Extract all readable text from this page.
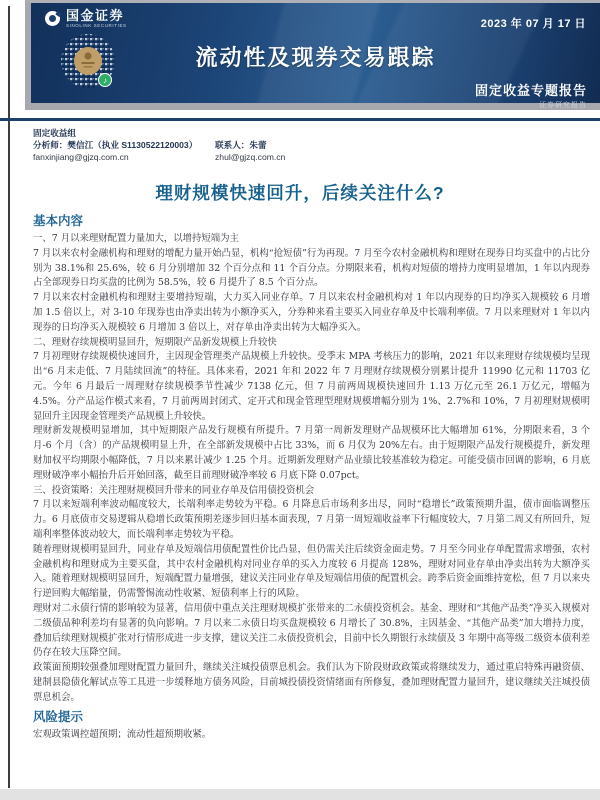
国金证券
SINOLINK SECURITIES	2023 年 07 月 17 日
流动性及现券交易跟踪
固定收益专题报告
证券研究报告
♪
固定收益组
分析师：樊信江（执业 S1130522120003）	联系人：朱蕾
fanxinjiang@gjzq.com.cn	zhul@gjzq.com.cn
理财规模快速回升，后续关注什么?
基本内容
一、7 月以来理财配置力量加大，以增持短端为主
7 月以来农村金融机构和理财的增配力量开始凸显，机构“抢短债”行为再现。7 月至今农村金融机构和理财在现券日均买盘中的占比分别为 38.1%和 25.6%，较 6 月分别增加 32 个百分点和 11 个百分点。分期限来看，机构对短债的增持力度明显增加，1 年以内现券占全部现券日均买盘的比例为 58.5%，较 6 月提升了 8.5 个百分点。
7 月以来农村金融机构和理财主要增持短端，大力买入同业存单。7 月以来农村金融机构对 1 年以内现券的日均净买入规模较 6 月增加 1.5 倍以上，对 3-10 年现券也由净卖出转为小额净买入，分券种来看主要买入同业存单及中长端利率债。7 月以来理财对 1 年以内现券的日均净买入规模较 6 月增加 3 倍以上，对存单由净卖出转为大幅净买入。
二、理财存续规模明显回升，短期限产品新发规模上升较快
7 月初理财存续规模快速回升，主因现金管理类产品规模上升较快。受季末 MPA 考核压力的影响，2021 年以来理财存续规模均呈现出“6 月末走低、7 月陆续回流”的特征。具体来看，2021 年和 2022 年 7 月理财存续规模分别累计提升 11990 亿元和 11703 亿元。今年 6 月最后一周理财存续规模季节性减少 7138 亿元，但 7 月前两周规模快速回升 1.13 万亿元至 26.1 万亿元，增幅为 4.5%。分产品运作模式来看，7 月前两周封闭式、定开式和现金管理型理财规模增幅分别为 1%、2.7%和 10%，7 月初理财规模明显回升主因现金管理类产品规模上升较快。
理财新发规模明显增加，其中短期限产品发行规模有所提升。7 月第一周新发理财产品规模环比大幅增加 61%，分期限来看，3 个月-6 个月（含）的产品规模明显上升，在全部新发规模中占比 33%，而 6 月仅为 20%左右。由于短期限产品发行规模提升，新发理财加权平均期限小幅降低，7 月以来累计减少 1.25 个月。近期新发理财产品业绩比较基准较为稳定。可能受债市回调的影响，6 月底理财破净率小幅抬升后开始回落，截至目前理财破净率较 6 月底下降 0.07pct。
三、投资策略：关注理财规模回升带来的同业存单及信用债投资机会
7 月以来短端利率波动幅度较大，长端利率走势较为平稳。6 月降息后市场利多出尽，同时“稳增长”政策预期升温，债市面临调整压力。6 月底债市交易逻辑从稳增长政策预期差逐步回归基本面表现，7 月第一周短端收益率下行幅度较大，7 月第二周又有所回升，短端利率整体波动较大，而长端利率走势较为平稳。
随着理财规模明显回升，同业存单及短端信用债配置性价比凸显，但仍需关注后续资金面走势。7 月至今同业存单配置需求增强，农村金融机构和理财成为主要买盘，其中农村金融机构对同业存单的买入力度较 6 月提高 128%，理财对同业存单由净卖出转为大额净买入。随着理财规模明显回升，短端配置力量增强，建议关注同业存单及短端信用债的配置机会。跨季后资金面维持宽松，但 7 月以来央行逆回购大幅缩量，仍需警惕流动性收紧、短债利率上行的风险。
理财对二永债行情的影响较为显著，信用债中重点关注理财规模扩张带来的二永债投资机会。基金、理财和“其他产品类”净买入规模对二级债品种利差均有显著的负向影响。7 月以来二永债日均买盘规模较 6 月增长了 30.8%，主因基金、“其他产品类”加大增持力度，叠加后续理财规模扩张对行情形成进一步支撑，建议关注二永债投资机会，目前中长久期银行永续债及 3 年期中高等级二级资本债利差仍存在较大压降空间。
政策面预期较强叠加理财配置力量回升，继续关注城投债票息机会。我们认为下阶段财政政策或将继续发力，通过重启特殊再融资债、建制县隐债化解试点等工具进一步缓释地方债务风险，目前城投债投资情绪面有所修复，叠加理财配置力量回升，建议继续关注城投债票息机会。
风险提示
宏观政策调控超预期；流动性超预期收紧。
